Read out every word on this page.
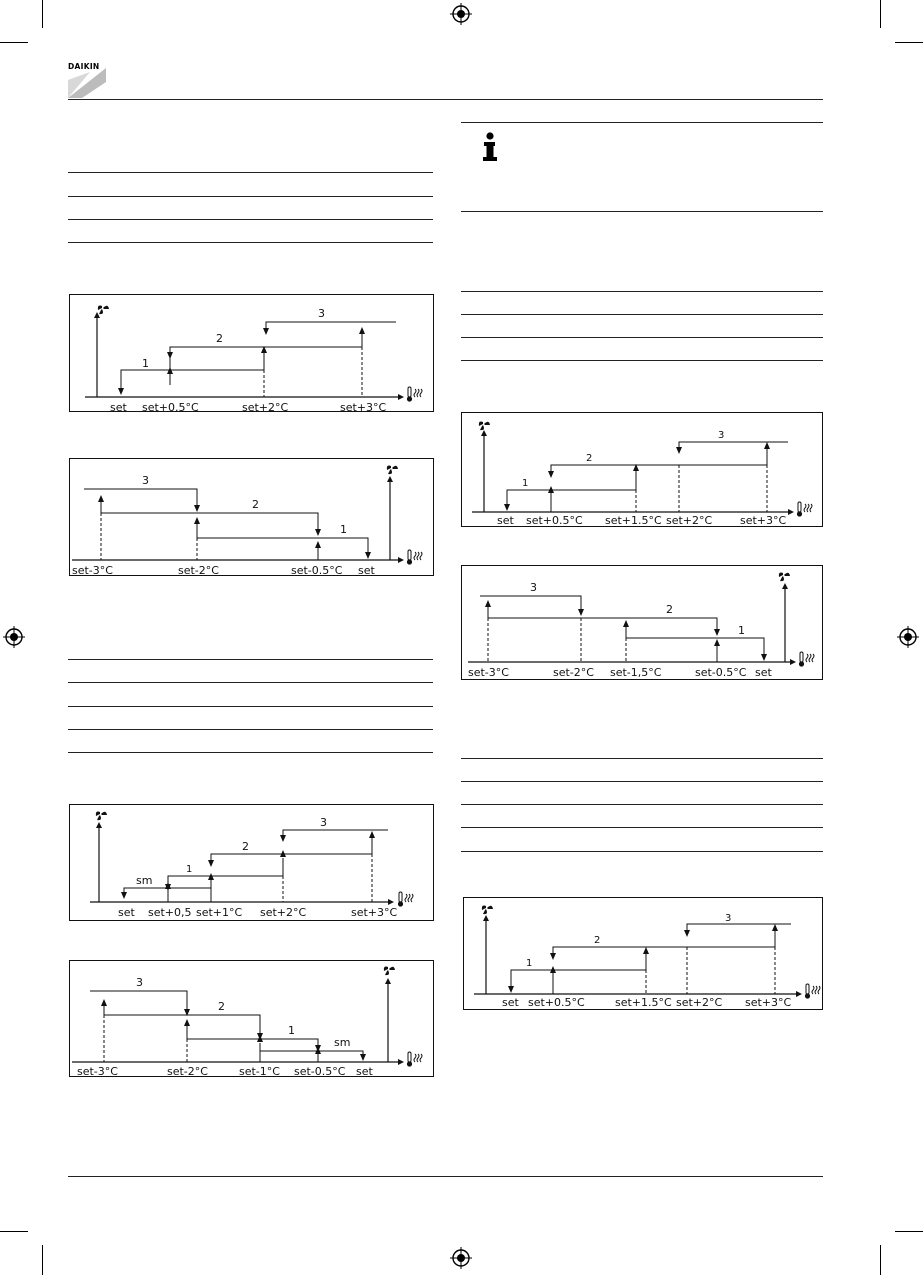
DAIKIN
1
2
3
set set+0.5°C	set+2°C	set+3°C
3
2
1
set-3°C	set-2°C	set-0.5°C set
sm
1
2
3
set set+0,5 set+1°C set+2°C	set+3°C
3
2
1
sm
set-3°C	set-2°C	set-1°C set-0.5°C set
1
2
3
set set+0.5°C set+1.5°C set+2°C	set+3°C
3
2
1
set-3°C	set-2°C set-1,5°C	set-0.5°C set
1
2
3
set set+0.5°C	set+1.5°C set+2°C set+3°C
